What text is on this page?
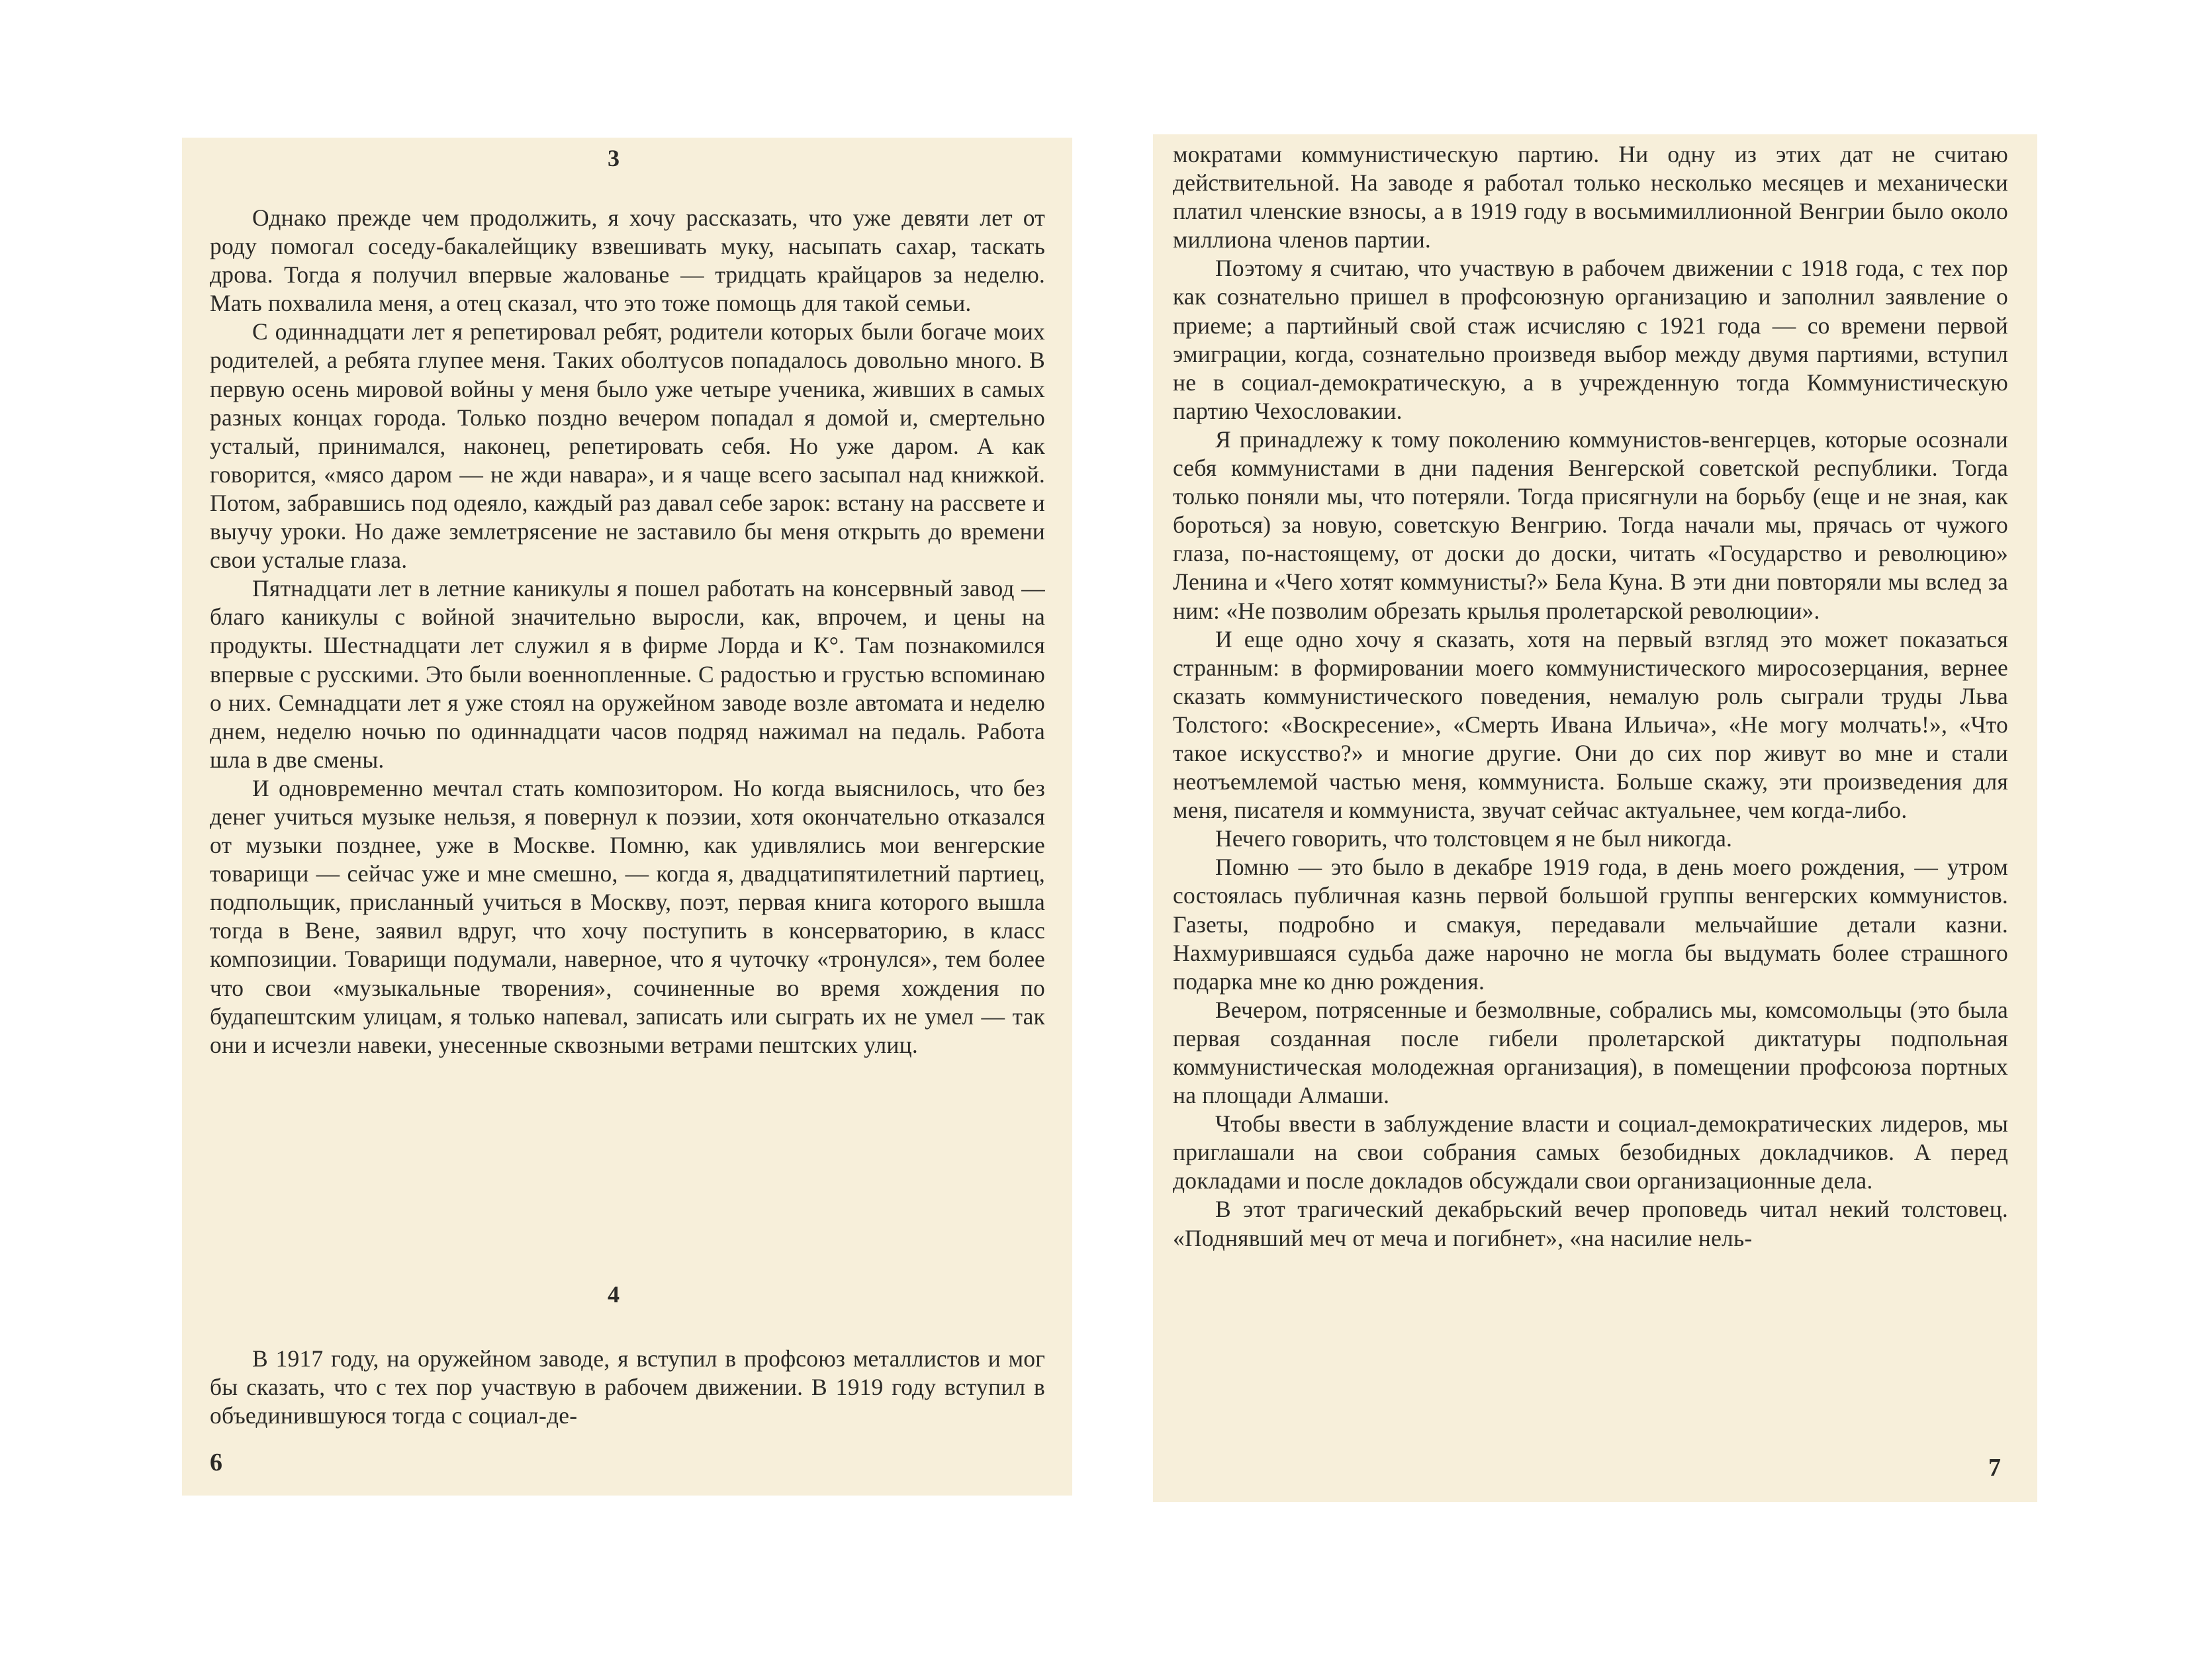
3

Однако прежде чем продолжить, я хочу рассказать, что уже девяти лет от роду помогал соседу-бакалейщику взвешивать муку, насыпать сахар, таскать дрова. Тогда я получил впервые жалованье — тридцать крайцаров за неделю. Мать похвалила меня, а отец сказал, что это тоже помощь для такой семьи.

С одиннадцати лет я репетировал ребят, родители которых были богаче моих родителей, а ребята глупее меня. Таких оболтусов попадалось довольно много. В первую осень мировой войны у меня было уже четыре ученика, живших в самых разных концах города. Только поздно вечером попадал я домой и, смертельно усталый, принимался, наконец, репетировать себя. Но уже даром. А как говорится, «мясо даром — не жди навара», и я чаще всего засыпал над книжкой. Потом, забравшись под одеяло, каждый раз давал себе зарок: встану на рассвете и выучу уроки. Но даже землетрясение не заставило бы меня открыть до времени свои усталые глаза.

Пятнадцати лет в летние каникулы я пошел работать на консервный завод — благо каникулы с войной значительно выросли, как, впрочем, и цены на продукты. Шестнадцати лет служил я в фирме Лорда и К°. Там познакомился впервые с русскими. Это были военнопленные. С радостью и грустью вспоминаю о них. Семнадцати лет я уже стоял на оружейном заводе возле автомата и неделю днем, неделю ночью по одиннадцати часов подряд нажимал на педаль. Работа шла в две смены.

И одновременно мечтал стать композитором. Но когда выяснилось, что без денег учиться музыке нельзя, я повернул к поэзии, хотя окончательно отказался от музыки позднее, уже в Москве. Помню, как удивлялись мои венгерские товарищи — сейчас уже и мне смешно, — когда я, двадцатипятилетний партиец, подпольщик, присланный учиться в Москву, поэт, первая книга которого вышла тогда в Вене, заявил вдруг, что хочу поступить в консерваторию, в класс композиции. Товарищи подумали, наверное, что я чуточку «тронулся», тем более что свои «музыкальные творения», сочиненные во время хождения по будапештским улицам, я только напевал, записать или сыграть их не умел — так они и исчезли навеки, унесенные сквозными ветрами пештских улиц.

4

В 1917 году, на оружейном заводе, я вступил в профсоюз металлистов и мог бы сказать, что с тех пор участвую в рабочем движении. В 1919 году вступил в объединившуюся тогда с социал-де-

6

мократами коммунистическую партию. Ни одну из этих дат не считаю действительной. На заводе я работал только несколько месяцев и механически платил членские взносы, а в 1919 году в восьмимиллионной Венгрии было около миллиона членов партии.

Поэтому я считаю, что участвую в рабочем движении с 1918 года, с тех пор как сознательно пришел в профсоюзную организацию и заполнил заявление о приеме; а партийный свой стаж исчисляю с 1921 года — со времени первой эмиграции, когда, сознательно произведя выбор между двумя партиями, вступил не в социал-демократическую, а в учрежденную тогда Коммунистическую партию Чехословакии.

Я принадлежу к тому поколению коммунистов-венгерцев, которые осознали себя коммунистами в дни падения Венгерской советской республики. Тогда только поняли мы, что потеряли. Тогда присягнули на борьбу (еще и не зная, как бороться) за новую, советскую Венгрию. Тогда начали мы, прячась от чужого глаза, по-настоящему, от доски до доски, читать «Государство и революцию» Ленина и «Чего хотят коммунисты?» Бела Куна. В эти дни повторяли мы вслед за ним: «Не позволим обрезать крылья пролетарской революции».

И еще одно хочу я сказать, хотя на первый взгляд это может показаться странным: в формировании моего коммунистического миросозерцания, вернее сказать коммунистического поведения, немалую роль сыграли труды Льва Толстого: «Воскресение», «Смерть Ивана Ильича», «Не могу молчать!», «Что такое искусство?» и многие другие. Они до сих пор живут во мне и стали неотъемлемой частью меня, коммуниста. Больше скажу, эти произведения для меня, писателя и коммуниста, звучат сейчас актуальнее, чем когда-либо.

Нечего говорить, что толстовцем я не был никогда.

Помню — это было в декабре 1919 года, в день моего рождения, — утром состоялась публичная казнь первой большой группы венгерских коммунистов. Газеты, подробно и смакуя, передавали мельчайшие детали казни. Нахмурившаяся судьба даже нарочно не могла бы выдумать более страшного подарка мне ко дню рождения.

Вечером, потрясенные и безмолвные, собрались мы, комсомольцы (это была первая созданная после гибели пролетарской диктатуры подпольная коммунистическая молодежная организация), в помещении профсоюза портных на площади Алмаши.

Чтобы ввести в заблуждение власти и социал-демократических лидеров, мы приглашали на свои собрания самых безобидных докладчиков. А перед докладами и после докладов обсуждали свои организационные дела.

В этот трагический декабрьский вечер проповедь читал некий толстовец. «Поднявший меч от меча и погибнет», «на насилие нель-

7
